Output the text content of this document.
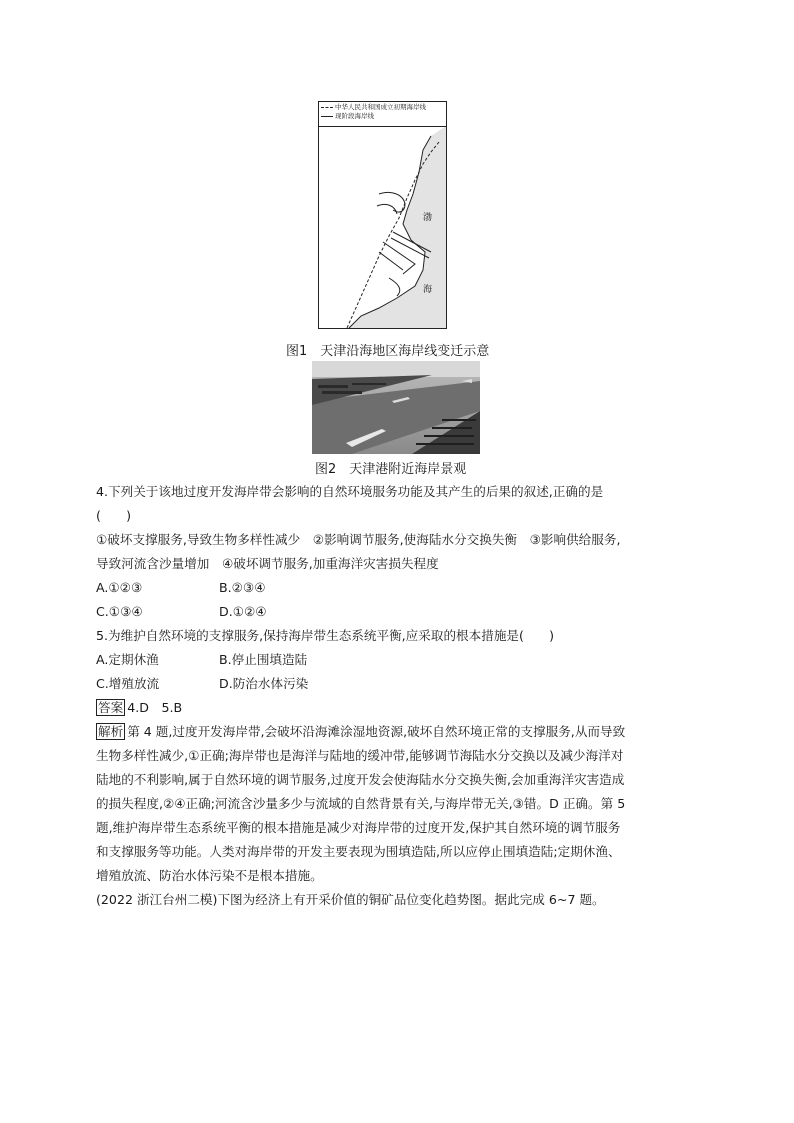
中华人民共和国成立初期海岸线
现阶段海岸线
渤
海
图1　天津沿海地区海岸线变迁示意
图2　天津港附近海岸景观
4.下列关于该地过度开发海岸带会影响的自然环境服务功能及其产生的后果的叙述,正确的是
(　　)
①破坏支撑服务,导致生物多样性减少　②影响调节服务,使海陆水分交换失衡　③影响供给服务,
导致河流含沙量增加　④破坏调节服务,加重海洋灾害损失程度
A.①②③	B.②③④
C.①③④	D.①②④
5.为维护自然环境的支撑服务,保持海岸带生态系统平衡,应采取的根本措施是(　　)
A.定期休渔	B.停止围填造陆
C.增殖放流	D.防治水体污染
答案 4.D　5.B
解析 第 4 题,过度开发海岸带,会破坏沿海滩涂湿地资源,破坏自然环境正常的支撑服务,从而导致
生物多样性减少,①正确;海岸带也是海洋与陆地的缓冲带,能够调节海陆水分交换以及减少海洋对
陆地的不利影响,属于自然环境的调节服务,过度开发会使海陆水分交换失衡,会加重海洋灾害造成
的损失程度,②④正确;河流含沙量多少与流域的自然背景有关,与海岸带无关,③错。D 正确。第 5
题,维护海岸带生态系统平衡的根本措施是减少对海岸带的过度开发,保护其自然环境的调节服务
和支撑服务等功能。人类对海岸带的开发主要表现为围填造陆,所以应停止围填造陆;定期休渔、
增殖放流、防治水体污染不是根本措施。
(2022 浙江台州二模)下图为经济上有开采价值的铜矿品位变化趋势图。据此完成 6~7 题。
